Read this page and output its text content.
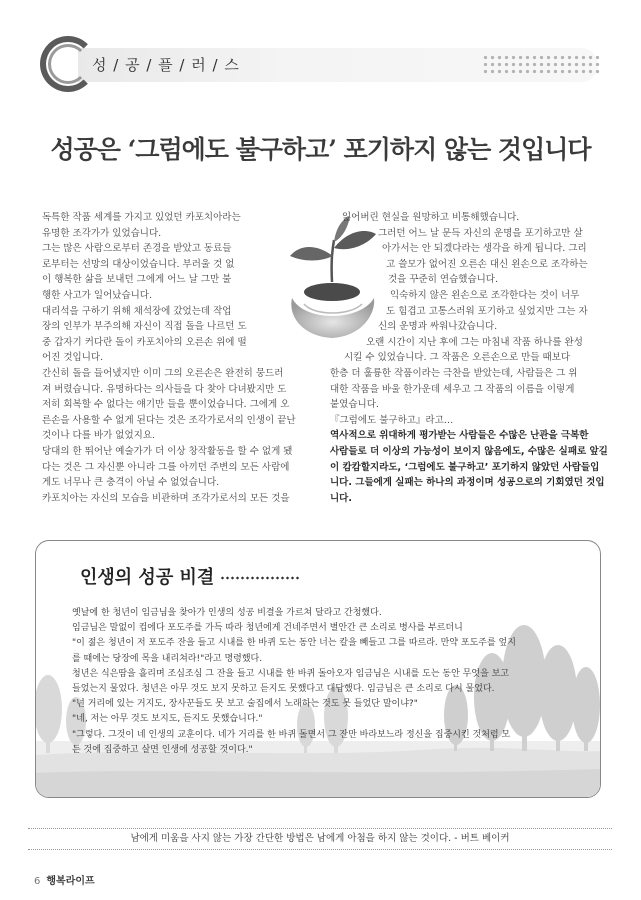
성 / 공 / 플 / 러 / 스
성공은 ‘그럼에도 불구하고’ 포기하지 않는 것입니다

독특한 작품 세계를 가지고 있었던 카포치아라는

유명한 조각가가 있었습니다.

그는 많은 사람으로부터 존경을 받았고 동료들

로부터는 선망의 대상이었습니다. 부러울 것 없

이 행복한 삶을 보내던 그에게 어느 날 그만 불

행한 사고가 일어났습니다.

대리석을 구하기 위해 채석장에 갔었는데 작업

장의 인부가 부주의해 자신이 직접 돌을 나르던 도

중 갑자기 커다란 돌이 카포치아의 오른손 위에 떨

어진 것입니다.

간신히 돌을 들어냈지만 이미 그의 오른손은 완전히 뭉드러

져 버렸습니다. 유명하다는 의사들을 다 찾아 다녀봤지만 도

저히 회복할 수 없다는 얘기만 들을 뿐이었습니다. 그에게 오

른손을 사용할 수 없게 된다는 것은 조각가로서의 인생이 끝난

것이나 다를 바가 없었지요.

당대의 한 뛰어난 예술가가 더 이상 창작활동을 할 수 없게 됐

다는 것은 그 자신뿐 아니라 그를 아끼던 주변의 모든 사람에

게도 너무나 큰 충격이 아닐 수 없었습니다.

카포치아는 자신의 모습을 비관하며 조각가로서의 모든 것을

잃어버린 현실을 원망하고 비통해했습니다.

그러던 어느 날 문득 자신의 운명을 포기하고만 살

아가서는 안 되겠다라는 생각을 하게 됩니다. 그리

고 쓸모가 없어진 오른손 대신 왼손으로 조각하는

것을 꾸준히 연습했습니다.

익숙하지 않은 왼손으로 조각한다는 것이 너무

도 힘겹고 고통스러워 포기하고 싶었지만 그는 자

신의 운명과 싸워나갔습니다.

오랜 시간이 지난 후에 그는 마침내 작품 하나를 완성

시킬 수 있었습니다. 그 작품은 오른손으로 만들 때보다

한층 더 훌륭한 작품이라는 극찬을 받았는데, 사람들은 그 위

대한 작품을 바울 한가운데 세우고 그 작품의 이름을 이렇게

붙였습니다.

『그럼에도 불구하고』라고…

역사적으로 위대하게 평가받는 사람들은 수많은 난관을 극복한

사람들로 더 이상의 가능성이 보이지 않음에도, 수많은 실패로 앞길

이 캄캄할지라도, ‘그럼에도 불구하고’ 포기하지 않았던 사람들입

니다. 그들에게 실패는 하나의 과정이며 성공으로의 기회였던 것입

니다.

인생의 성공 비결

옛날에 한 청년이 임금님을 찾아가 인생의 성공 비결을 가르쳐 달라고 간청했다.

임금님은 말없이 컵에다 포도주를 가득 따라 청년에게 건네주면서 별안간 큰 소리로 병사를 부르더니

"이 젊은 청년이 저 포도주 잔을 들고 시내를 한 바퀴 도는 동안 너는 칼을 빼들고 그를 따르라. 만약 포도주를 엎지

를 때에는 당장에 목을 내리쳐라!"라고 명령했다.

청년은 식은땀을 흘리며 조심조심 그 잔을 들고 시내를 한 바퀴 돌아오자 임금님은 시내를 도는 동안 무엇을 보고

들었는지 물었다. 청년은 아무 것도 보지 못하고 듣지도 못했다고 대답했다. 임금님은 큰 소리로 다시 물었다.

"넌 거리에 있는 거지도, 장사꾼들도 못 보고 술집에서 노래하는 것도 못 들었단 말이냐?"

"네, 저는 아무 것도 보지도, 듣지도 못했습니다."

"그렇다. 그것이 네 인생의 교훈이다. 네가 거리를 한 바퀴 돌면서 그 잔만 바라보느라 정신을 집중시킨 것처럼 모

든 것에 집중하고 살면 인생에 성공할 것이다."

남에게 미움을 사지 않는 가장 간단한 방법은 남에게 아첨을 하지 않는 것이다. - 버트 베이커
6 행복라이프
